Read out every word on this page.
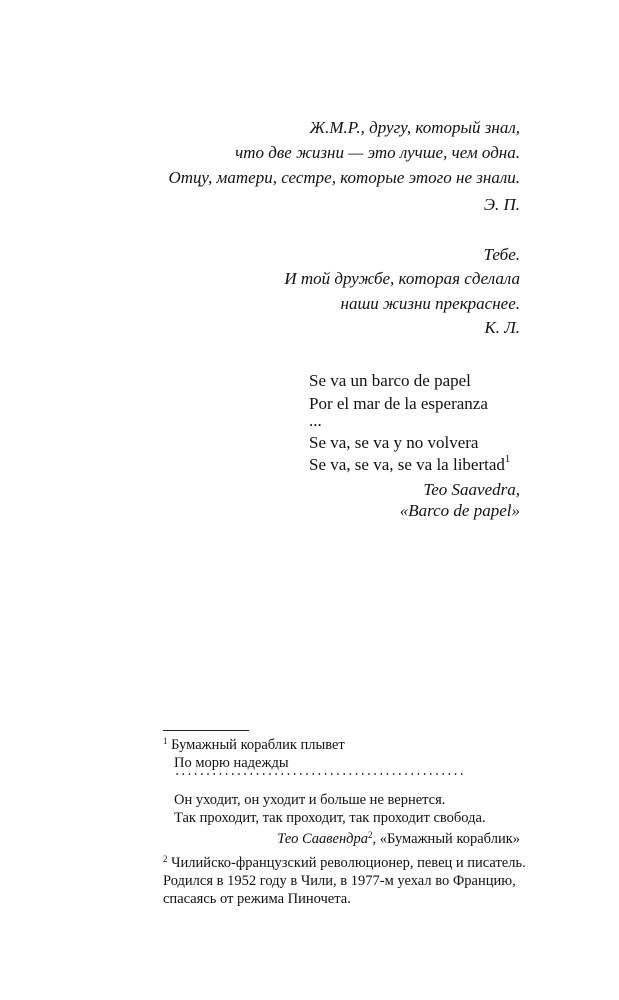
Ж.М.Р., другу, который знал,
что две жизни — это лучше, чем одна.
Отцу, матери, сестре, которые этого не знали.
Э. П.
Тебе.
И той дружбе, которая сделала
наши жизни прекраснее.
К. Л.
Se va un barco de papel
Por el mar de la esperanza
...
Se va, se va y no volvera
Se va, se va, se va la libertad$^1$
Teo Saavedra,
«Barco de papel»
$^1$ Бумажный кораблик плывет
По морю надежды
Он уходит, он уходит и больше не вернется.
Так проходит, так проходит, так проходит свобода.
Тео Саавендра$^2$, «Бумажный кораблик»
$^2$ Чилийско-французский революционер, певец и писатель.
Родился в 1952 году в Чили, в 1977-м уехал во Францию,
спасаясь от режима Пиночета.
